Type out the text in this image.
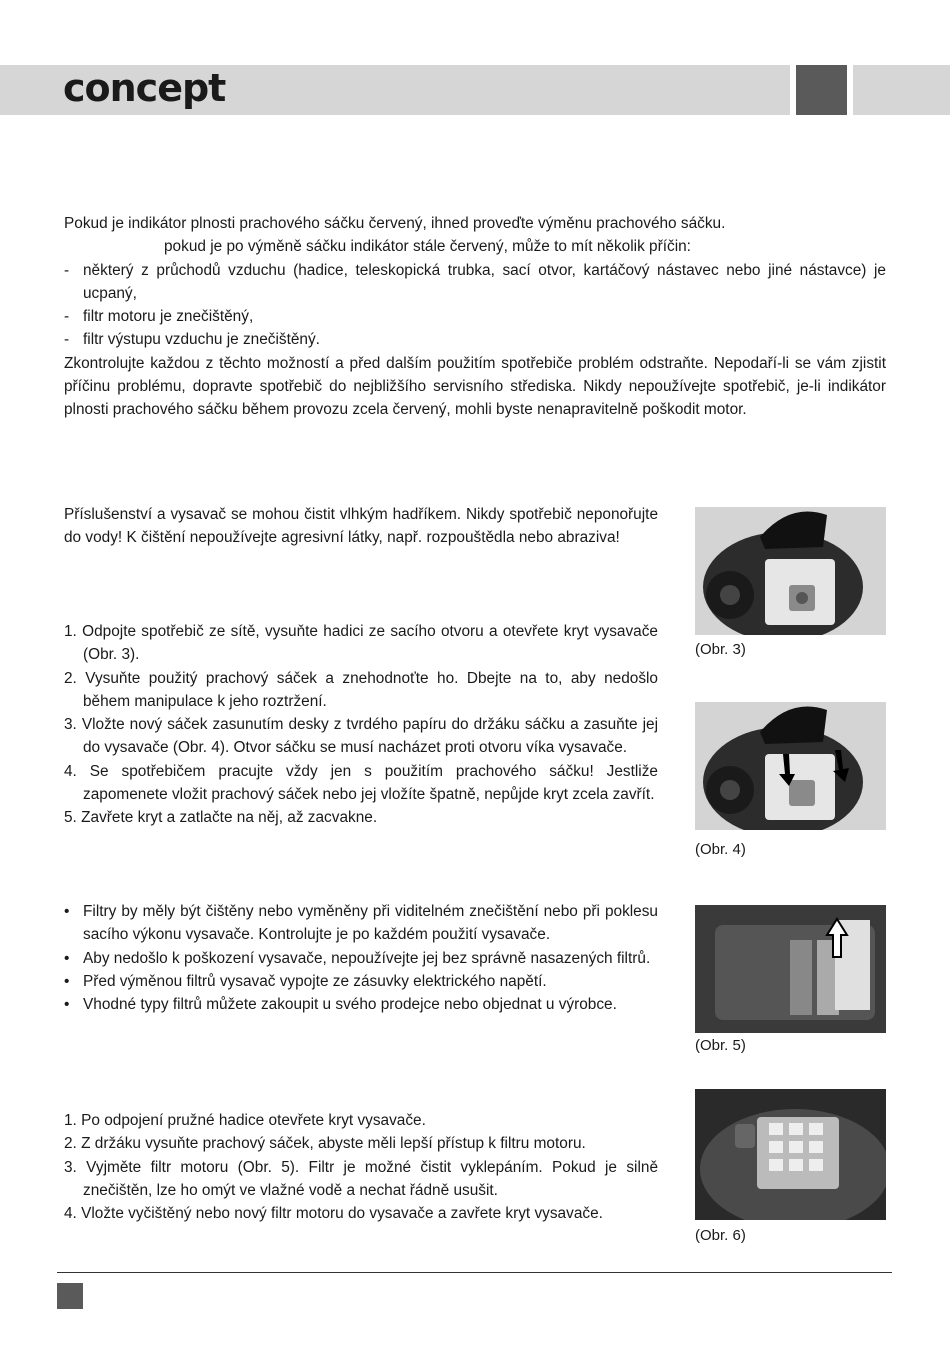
concept
Pokud je indikátor plnosti prachového sáčku červený, ihned proveďte výměnu prachového sáčku.
pokud je po výměně sáčku indikátor stále červený, může to mít několik příčin:
- některý z průchodů vzduchu (hadice, teleskopická trubka, sací otvor, kartáčový nástavec nebo jiné nástavce) je ucpaný,
- filtr motoru je znečištěný,
- filtr výstupu vzduchu je znečištěný.
Zkontrolujte každou z těchto možností a před dalším použitím spotřebiče problém odstraňte. Nepodaří-li se vám zjistit příčinu problému, dopravte spotřebič do nejbližšího servisního střediska. Nikdy nepoužívejte spotřebič, je-li indikátor plnosti prachového sáčku během provozu zcela červený, mohli byste nenapravitelně poškodit motor.
Příslušenství a vysavač se mohou čistit vlhkým hadříkem. Nikdy spotřebič neponořujte do vody! K čištění nepoužívejte agresivní látky, např. rozpouštědla nebo abraziva!
1. Odpojte spotřebič ze sítě, vysuňte hadici ze sacího otvoru a otevřete kryt vysavače (Obr. 3).
2. Vysuňte použitý prachový sáček a znehodnoťte ho. Dbejte na to, aby nedošlo během manipulace k jeho roztržení.
3. Vložte nový sáček zasunutím desky z tvrdého papíru do držáku sáčku a zasuňte jej do vysavače (Obr. 4). Otvor sáčku se musí nacházet proti otvoru víka vysavače.
4. Se spotřebičem pracujte vždy jen s použitím prachového sáčku! Jestliže zapomenete vložit prachový sáček nebo jej vložíte špatně, nepůjde kryt zcela zavřít.
5. Zavřete kryt a zatlačte na něj, až zacvakne.
• Filtry by měly být čištěny nebo vyměněny při viditelném znečištění nebo při poklesu sacího výkonu vysavače. Kontrolujte je po každém použití vysavače.
• Aby nedošlo k poškození vysavače, nepoužívejte jej bez správně nasazených filtrů.
• Před výměnou filtrů vysavač vypojte ze zásuvky elektrického napětí.
• Vhodné typy filtrů můžete zakoupit u svého prodejce nebo objednat u výrobce.
1. Po odpojení pružné hadice otevřete kryt vysavače.
2. Z držáku vysuňte prachový sáček, abyste měli lepší přístup k filtru motoru.
3. Vyjměte filtr motoru (Obr. 5). Filtr je možné čistit vyklepáním. Pokud je silně znečištěn, lze ho omýt ve vlažné vodě a nechat řádně usušit.
4. Vložte vyčištěný nebo nový filtr motoru do vysavače a zavřete kryt vysavače.
(Obr. 3)
(Obr. 4)
(Obr. 5)
(Obr. 6)
